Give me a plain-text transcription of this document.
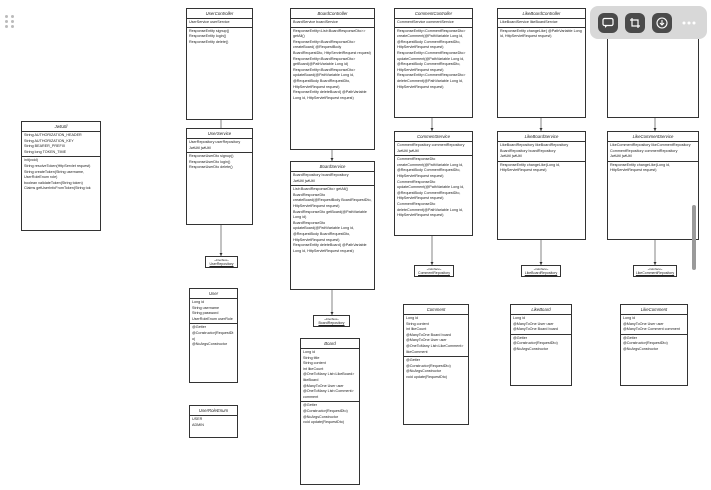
JwtUtil
String AUTHORIZATION_HEADER
String AUTHORIZATION_KEY
String BEARER_PREFIX
String long TOKEN_TIME
init(void)
String resolveToken(HttpServlet request)
String createToken(String username, UserRoleEnum role)
boolean validateToken(String token)
Claims getUserInfoFromToken(String tok
UserController
UserService userService
ResponseEntity signup()
ResponseEntity login()
ResponseEntity delete()
BoardController
BoardService boardService
ResponseEntity<List<BoardResponseDto>> getAll()
ResponseEntity<BoardResponseDto> createBoard( @RequestBody BoardRequestDto, HttpServletRequest request)
ResponseEntity<BoardResponseDto> getBoard(@PathVariable Long id)
ResponseEntity<BoardResponseDto> updateBoard(@PathVariable Long id, @RequestBody BoardRequestDto, HttpServletRequest request)
ResponseEntity deleteBoard( @PathVariable Long id, HttpServletRequest request)
CommentController
CommentService commentService
ResponseEntity<CommentResponseDto> createComment(@PathVariable Long id, @RequestBody CommentRequestDto, HttpServletRequest request)
ResponseEntity<CommentResponseDto> updateComment(@PathVariable Long id, @RequestBody CommentRequestDto, HttpServletRequest request)
ResponseEntity<CommentResponseDto> deleteComment(@PathVariable Long id, HttpServletRequest request)
LikeBoardController
LikeBoardService likeBoardService
ResponseEntity changeLike( @PathVariable Long id, HttpServletRequest request)
UserService
UserRepository userRepository
JwtUtil jwtUtil
ResponseUserDto signup()
ResponseUserDto login()
ResponseUserDto delete()	BoardService
BoardRepository boardRepository
JwtUtil jwtUtil
List<BoardResponseDto> getAll()
BoardResponseDto createBoard(@RequestBody BoardRequestDto, HttpServletRequest request)
BoardResponseDto getBoard(@PathVariable Long id)
BoardResponseDto updateBoard(@PathVariable Long id, @RequestBody BoardRequestDto, HttpServletRequest request)
ResponseEntity deleteBoard( @PathVariable Long id, HttpServletRequest request)
CommentService
CommentRepository commentRepository
JwtUtil jwtUtil
CommentResponseDto createComment(@PathVariable Long id, @RequestBody CommentRequestDto, HttpServletRequest request)
CommentResponseDto updateComment(@PathVariable Long id, @RequestBody CommentRequestDto, HttpServletRequest request)
CommentResponseDto deleteComment(@PathVariable Long id, HttpServletRequest request)
LikeBoardService
LikeBoardRepository likeBoardRepository
BoardRepository boardRepository
JwtUtil jwtUtil
ResponseEntity changeLike(Long id, HttpServletRequest request)
LikeCommentService
LikeCommentRepository likeCommentRepository
CommentRepository commentRepository
JwtUtil jwtUtil
ResponseEntity changeLike(Long id, HttpServletRequest request)
«interface»
UserRepository
«interface»
BoardRepository
«interface»
CommentRepository
«interface»
LikeBoardRepository
«interface»
LikeCommentRepository
User
Long id
String username
String password
UserRoleEnum userRole
@Getter
@Constructor(RequestDto)
@NoArgsConstructor
UserRoleEnum
USER
ADMIN
Board
Long id
String title
String content
int likeCount
@OneToMany List<LikeBoard> likeBoard
@ManyToOne User user
@OneToMany List<Comment> comment
@Getter
@Constructor(RequestDto)
@NoArgsConstructor
void update(RequestDto)
Comment
Long id
String content
int likeCount
@ManyToOne Board board
@ManyToOne User user
@OneToMany List<LikeComment> likeComment
@Getter
@Constructor(RequestDto)
@NoArgsConstructor
void update(RequestDto)
LikeBoard
Long id
@ManyToOne User user
@ManyToOne Board board
@Getter
@Constructor(RequestDto)
@NoArgsConstructor
LikeComment
Long id
@ManyToOne User user
@ManyToOne Comment comment
@Getter
@Constructor(RequestDto)
@NoArgsConstructor
